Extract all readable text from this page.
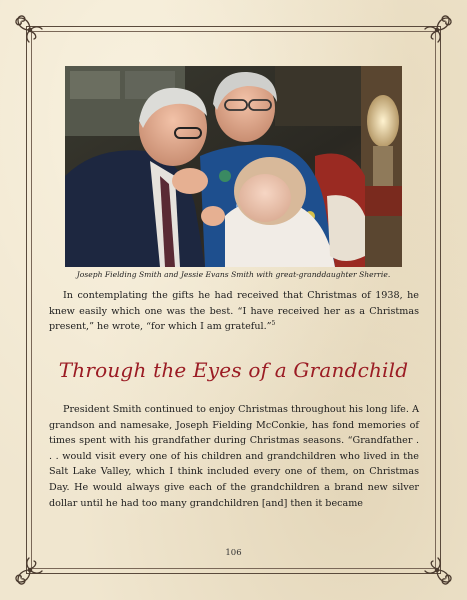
Joseph Fielding Smith and Jessie Evans Smith with great-granddaughter Sherrie.

In contemplating the gifts he had received that Christmas of 1938, he knew easily which one was the best. “I have received her as a Christmas present,” he wrote, “for which I am grateful.”$^5$

Through the Eyes of a Grandchild

President Smith continued to enjoy Christmas throughout his long life. A grandson and namesake, Joseph Fielding McConkie, has fond memories of times spent with his grandfather during Christmas seasons. “Grandfather . . . would visit every one of his children and grandchildren who lived in the Salt Lake Valley, which I think included every one of them, on Christmas Day. He would always give each of the grandchildren a brand new silver dollar until he had too many grandchildren [and] then it became

106
